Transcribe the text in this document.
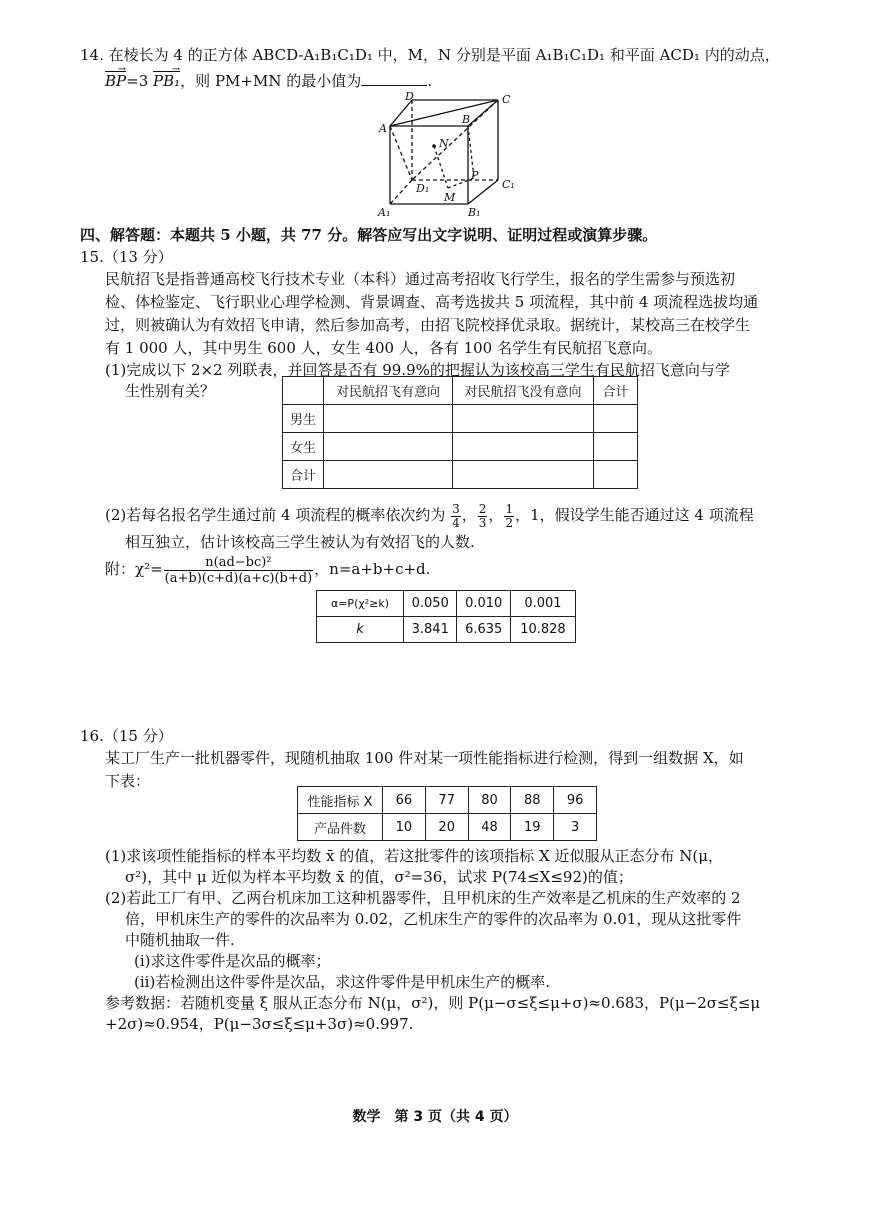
14. 在棱长为 4 的正方体 ABCD-A₁B₁C₁D₁ 中，M，N 分别是平面 A₁B₁C₁D₁ 和平面 ACD₁ 内的动点，
→
BP=3
→
PB₁，则 PM+MN 的最小值为	.
D	C
A
B
N
P
D₁	C₁
M
A₁	B₁
四、解答题：本题共 5 小题，共 77 分。解答应写出文字说明、证明过程或演算步骤。
15.（13 分）
民航招飞是指普通高校飞行技术专业（本科）通过高考招收飞行学生，报名的学生需参与预选初
检、体检鉴定、飞行职业心理学检测、背景调查、高考选拔共 5 项流程，其中前 4 项流程选拔均通
过，则被确认为有效招飞申请，然后参加高考，由招飞院校择优录取。据统计，某校高三在校学生
有 1 000 人，其中男生 600 人，女生 400 人，各有 100 名学生有民航招飞意向。
(1)完成以下 2×2 列联表，并回答是否有 99.9%的把握认为该校高三学生有民航招飞意向与学
生性别有关？
		对民航招飞有意向	对民航招飞没有意向	合计
男生			
女生			
合计			
(2)若每名报名学生通过前 4 项流程的概率依次约为 $\frac{3}{4}$ ， $\frac{2}{3}$ ， $\frac{1}{2}$ ，1，假设学生能否通过这 4 项流程
相互独立，估计该校高三学生被认为有效招飞的人数.
附：$\chi^2= \frac{\text{n(ad−bc)²}}{(a+b)(c+d)(a+c)(b+d)}$ ，n=a+b+c+d.
α=P(χ²≥k)	0.050	0.010	0.001
k	3.841	6.635	10.828
16.（15 分）
某工厂生产一批机器零件，现随机抽取 100 件对某一项性能指标进行检测，得到一组数据 X，如
下表：
性能指标 X	66	77	80	88	96
产品件数	10	20	48	19	3
(1)求该项性能指标的样本平均数 x̄ 的值，若这批零件的该项指标 X 近似服从正态分布 N(μ，
σ²)，其中 μ 近似为样本平均数 x̄ 的值，σ²=36，试求 P(74≤X≤92)的值；
(2)若此工厂有甲、乙两台机床加工这种机器零件，且甲机床的生产效率是乙机床的生产效率的 2
倍，甲机床生产的零件的次品率为 0.02，乙机床生产的零件的次品率为 0.01，现从这批零件
中随机抽取一件.
(i)求这件零件是次品的概率；
(ii)若检测出这件零件是次品，求这件零件是甲机床生产的概率.
参考数据：若随机变量 ξ 服从正态分布 N(μ，σ²)，则 P(μ−σ≤ξ≤μ+σ)≈0.683，P(μ−2σ≤ξ≤μ
+2σ)≈0.954，P(μ−3σ≤ξ≤μ+3σ)≈0.997.
数学　第 3 页（共 4 页）
